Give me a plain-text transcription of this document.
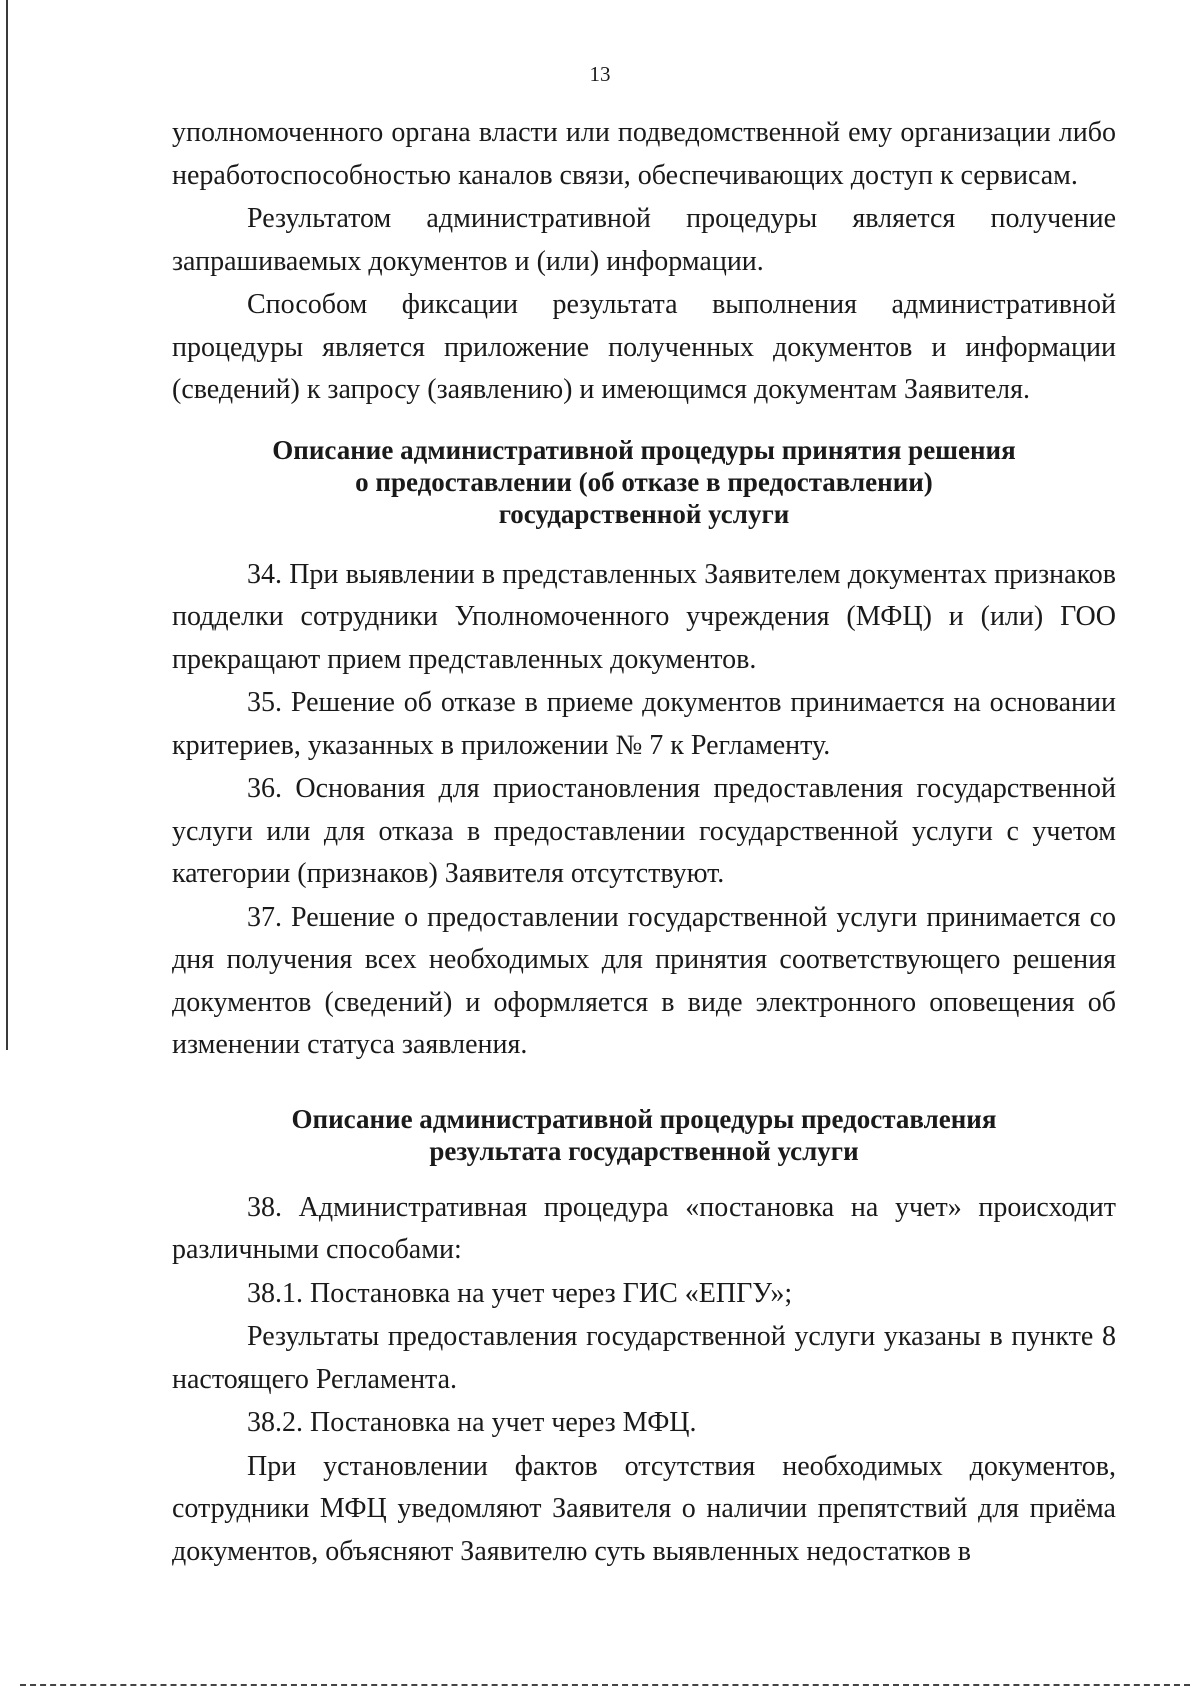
13

уполномоченного органа власти или подведомственной ему организации либо неработоспособностью каналов связи, обеспечивающих доступ к сервисам.

Результатом административной процедуры является получение запрашиваемых документов и (или) информации.

Способом фиксации результата выполнения административной процедуры является приложение полученных документов и информации (сведений) к запросу (заявлению) и имеющимся документам Заявителя.

Описание административной процедуры принятия решения
о предоставлении (об отказе в предоставлении)
государственной услуги

34. При выявлении в представленных Заявителем документах признаков подделки сотрудники Уполномоченного учреждения (МФЦ) и (или) ГОО прекращают прием представленных документов.

35. Решение об отказе в приеме документов принимается на основании критериев, указанных в приложении № 7 к Регламенту.

36. Основания для приостановления предоставления государственной услуги или для отказа в предоставлении государственной услуги с учетом категории (признаков) Заявителя отсутствуют.

37. Решение о предоставлении государственной услуги принимается со дня получения всех необходимых для принятия соответствующего решения документов (сведений) и оформляется в виде электронного оповещения об изменении статуса заявления.

Описание административной процедуры предоставления
результата государственной услуги

38. Административная процедура «постановка на учет» происходит различными способами:

38.1. Постановка на учет через ГИС «ЕПГУ»;

Результаты предоставления государственной услуги указаны в пункте 8 настоящего Регламента.

38.2. Постановка на учет через МФЦ.

При установлении фактов отсутствия необходимых документов, сотрудники МФЦ уведомляют Заявителя о наличии препятствий для приёма документов, объясняют Заявителю суть выявленных недостатков в
